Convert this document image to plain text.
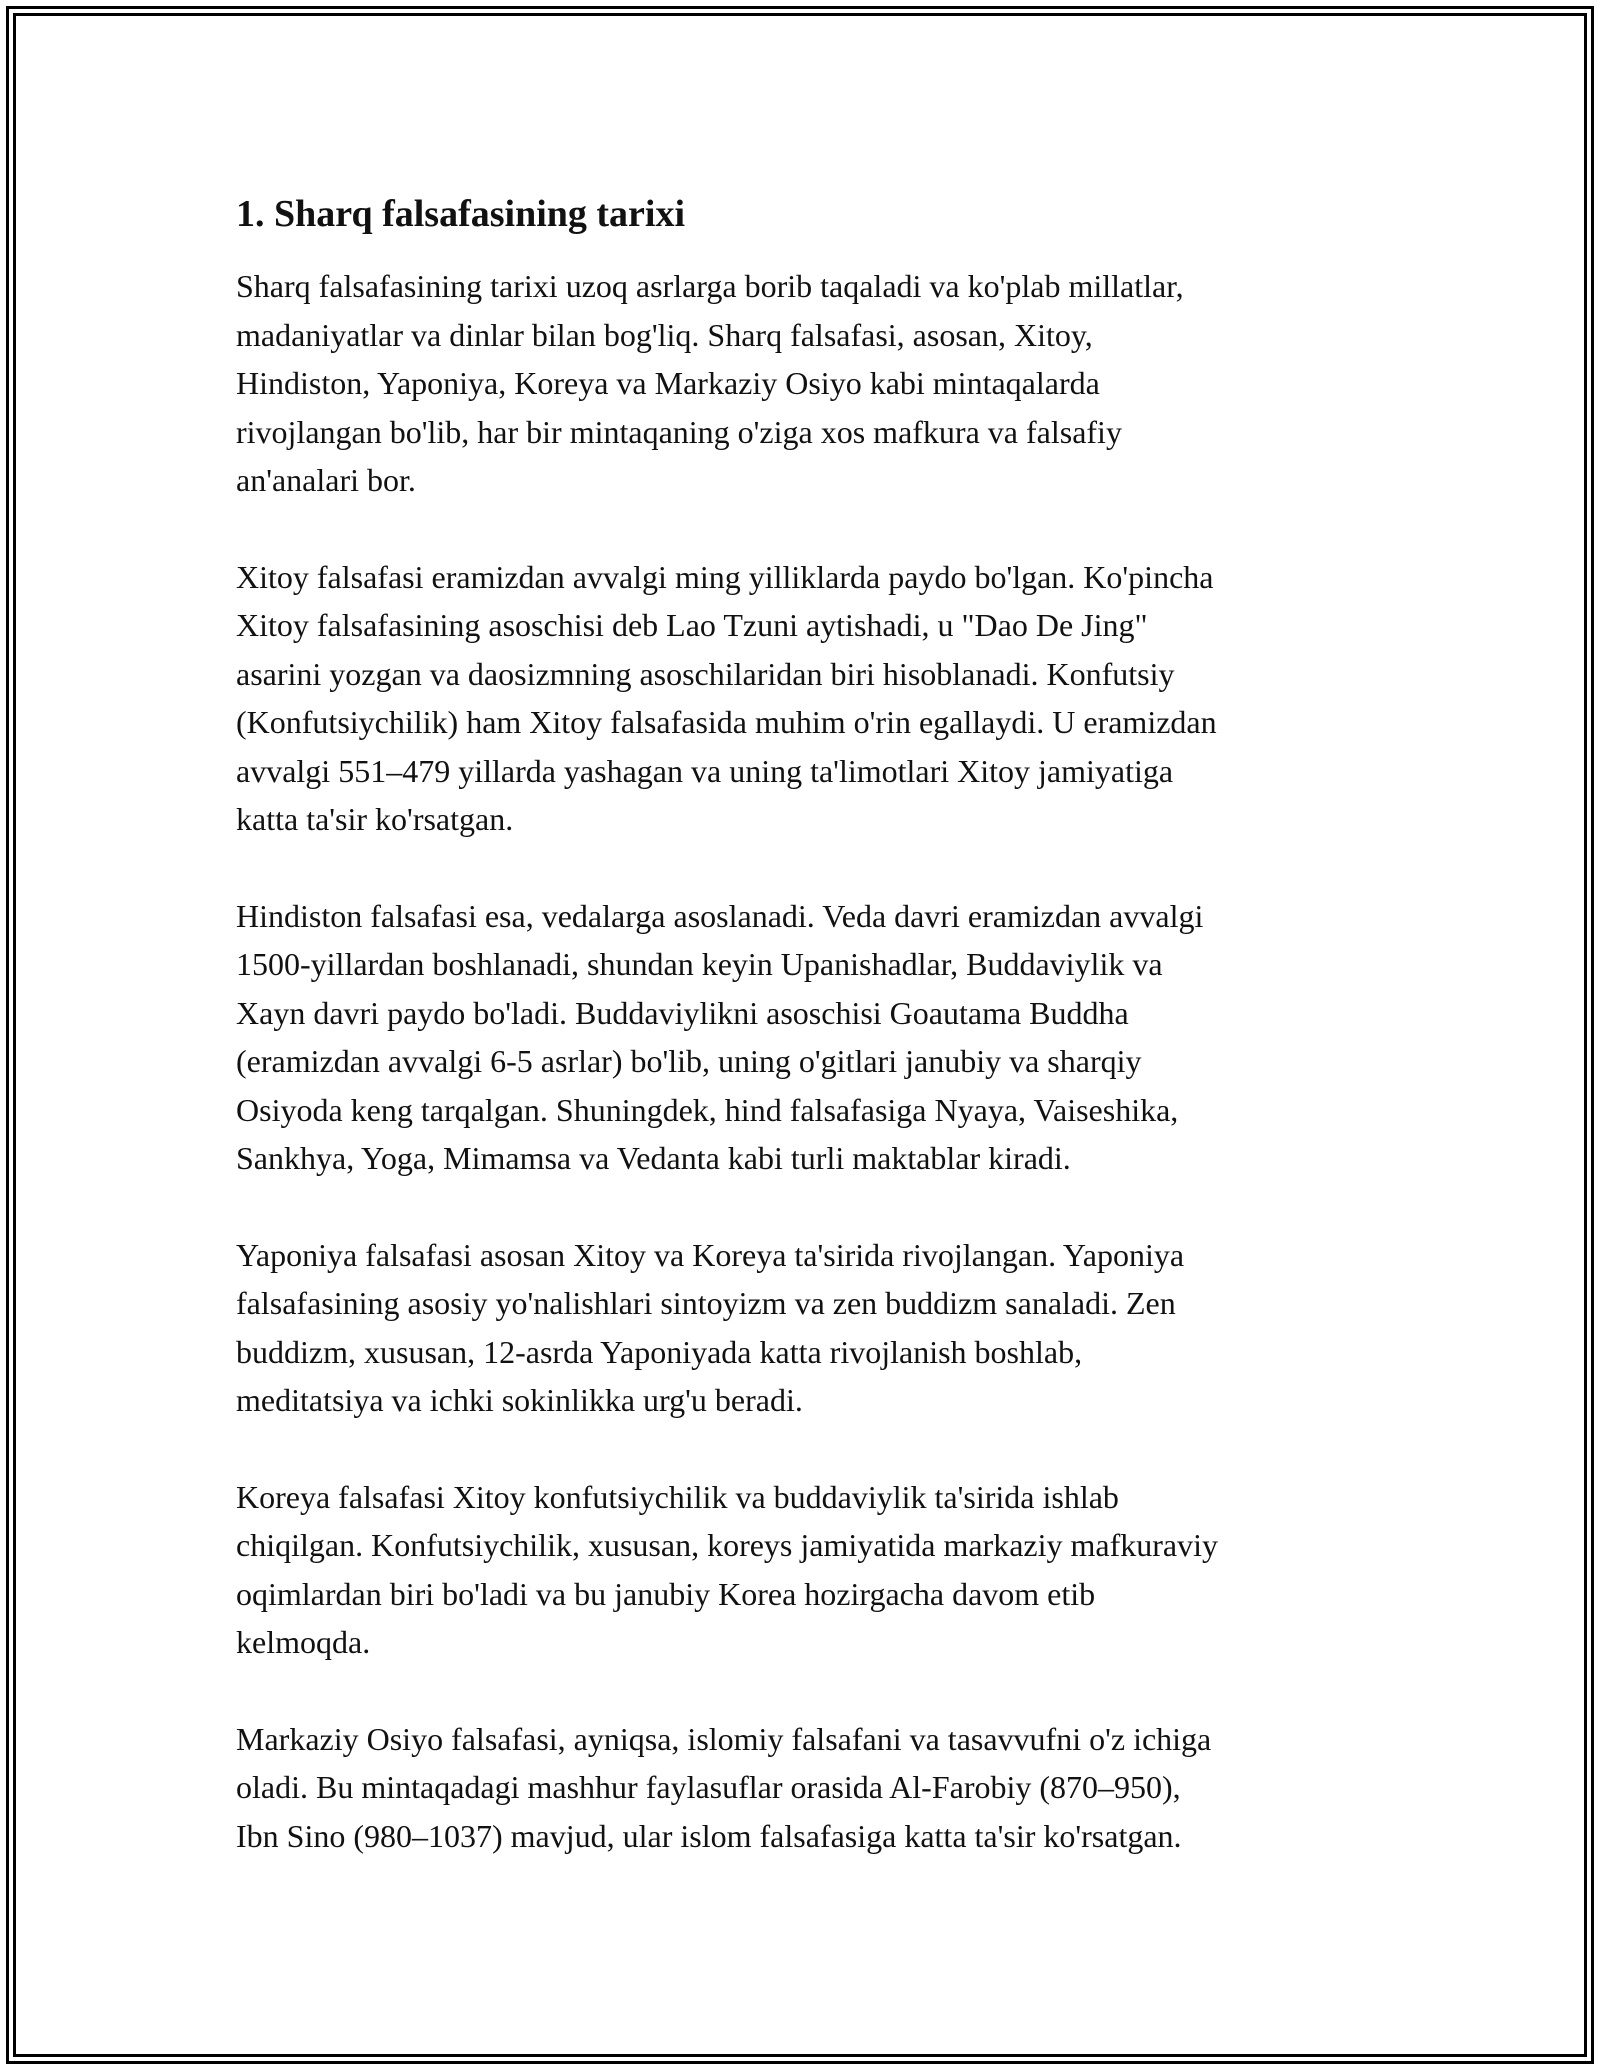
1. Sharq falsafasining tarixi
Sharq falsafasining tarixi uzoq asrlarga borib taqaladi va ko'plab millatlar,
madaniyatlar va dinlar bilan bog'liq. Sharq falsafasi, asosan, Xitoy,
Hindiston, Yaponiya, Koreya va Markaziy Osiyo kabi mintaqalarda
rivojlangan bo'lib, har bir mintaqaning o'ziga xos mafkura va falsafiy
an'analari bor.
Xitoy falsafasi eramizdan avvalgi ming yilliklarda paydo bo'lgan. Ko'pincha
Xitoy falsafasining asoschisi deb Lao Tzuni aytishadi, u "Dao De Jing"
asarini yozgan va daosizmning asoschilaridan biri hisoblanadi. Konfutsiy
(Konfutsiychilik) ham Xitoy falsafasida muhim o'rin egallaydi. U eramizdan
avvalgi 551–479 yillarda yashagan va uning ta'limotlari Xitoy jamiyatiga
katta ta'sir ko'rsatgan.
Hindiston falsafasi esa, vedalarga asoslanadi. Veda davri eramizdan avvalgi
1500-yillardan boshlanadi, shundan keyin Upanishadlar, Buddaviylik va
Xayn davri paydo bo'ladi. Buddaviylikni asoschisi Goautama Buddha
(eramizdan avvalgi 6-5 asrlar) bo'lib, uning o'gitlari janubiy va sharqiy
Osiyoda keng tarqalgan. Shuningdek, hind falsafasiga Nyaya, Vaiseshika,
Sankhya, Yoga, Mimamsa va Vedanta kabi turli maktablar kiradi.
Yaponiya falsafasi asosan Xitoy va Koreya ta'sirida rivojlangan. Yaponiya
falsafasining asosiy yo'nalishlari sintoyizm va zen buddizm sanaladi. Zen
buddizm, xususan, 12-asrda Yaponiyada katta rivojlanish boshlab,
meditatsiya va ichki sokinlikka urg'u beradi.
Koreya falsafasi Xitoy konfutsiychilik va buddaviylik ta'sirida ishlab
chiqilgan. Konfutsiychilik, xususan, koreys jamiyatida markaziy mafkuraviy
oqimlardan biri bo'ladi va bu janubiy Korea hozirgacha davom etib
kelmoqda.
Markaziy Osiyo falsafasi, ayniqsa, islomiy falsafani va tasavvufni o'z ichiga
oladi. Bu mintaqadagi mashhur faylasuflar orasida Al-Farobiy (870–950),
Ibn Sino (980–1037) mavjud, ular islom falsafasiga katta ta'sir ko'rsatgan.
